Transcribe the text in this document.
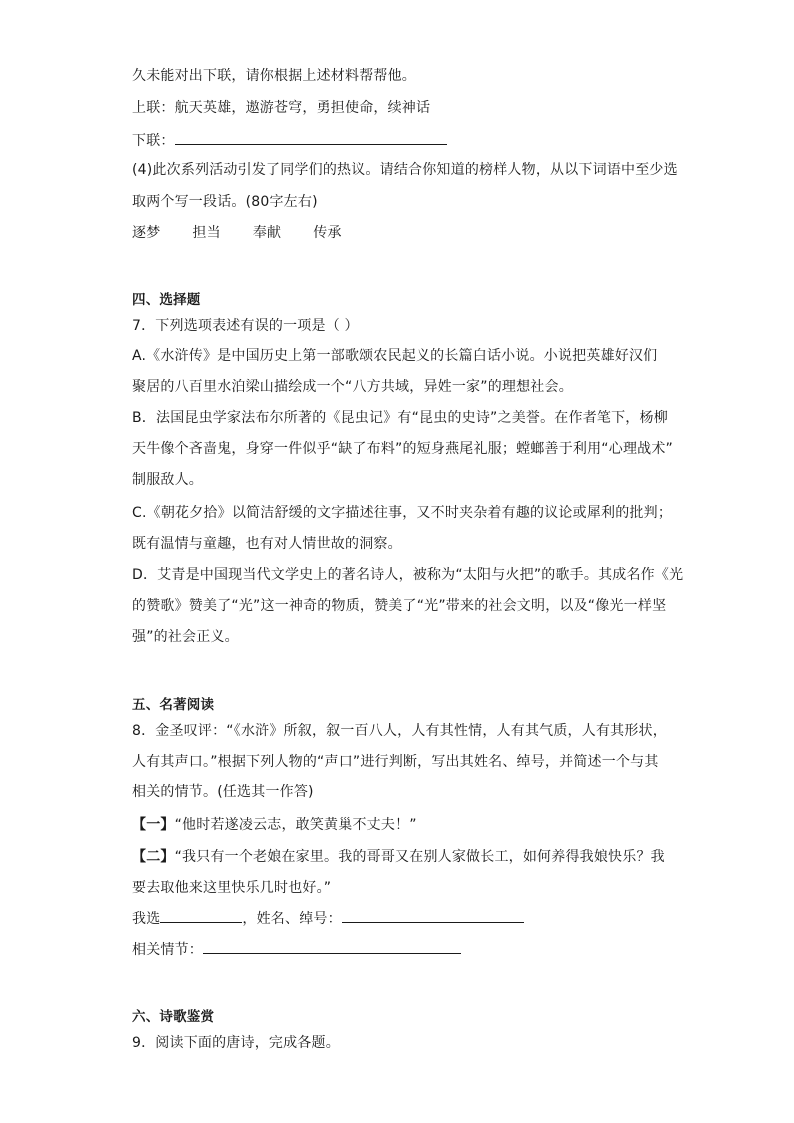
久未能对出下联，请你根据上述材料帮帮他。
上联：航天英雄，遨游苍穹，勇担使命，续神话
下联：
(4)此次系列活动引发了同学们的热议。请结合你知道的榜样人物，从以下词语中至少选
取两个写一段话。(80字左右)
逐梦 担当 奉献 传承
四、选择题
7．下列选项表述有误的一项是（ ）
A.《水浒传》是中国历史上第一部歌颂农民起义的长篇白话小说。小说把英雄好汉们
聚居的八百里水泊梁山描绘成一个“八方共域，异姓一家”的理想社会。
B．法国昆虫学家法布尔所著的《昆虫记》有“昆虫的史诗”之美誉。在作者笔下，杨柳
天牛像个吝啬鬼，身穿一件似乎“缺了布料”的短身燕尾礼服；螳螂善于利用“心理战术”
制服敌人。
C.《朝花夕拾》以简洁舒缓的文字描述往事，又不时夹杂着有趣的议论或犀利的批判；
既有温情与童趣，也有对人情世故的洞察。
D．艾青是中国现当代文学史上的著名诗人，被称为“太阳与火把”的歌手。其成名作《光
的赞歌》赞美了“光”这一神奇的物质，赞美了“光”带来的社会文明，以及“像光一样坚
强”的社会正义。
五、名著阅读
8．金圣叹评：“《水浒》所叙，叙一百八人，人有其性情，人有其气质，人有其形状，
人有其声口。”根据下列人物的“声口”进行判断，写出其姓名、绰号，并简述一个与其
相关的情节。(任选其一作答)
【一】“他时若遂凌云志，敢笑黄巢不丈夫！”
【二】“我只有一个老娘在家里。我的哥哥又在别人家做长工，如何养得我娘快乐？我
要去取他来这里快乐几时也好。”
我选	，姓名、绰号：
相关情节：
六、诗歌鉴赏
9．阅读下面的唐诗，完成各题。
